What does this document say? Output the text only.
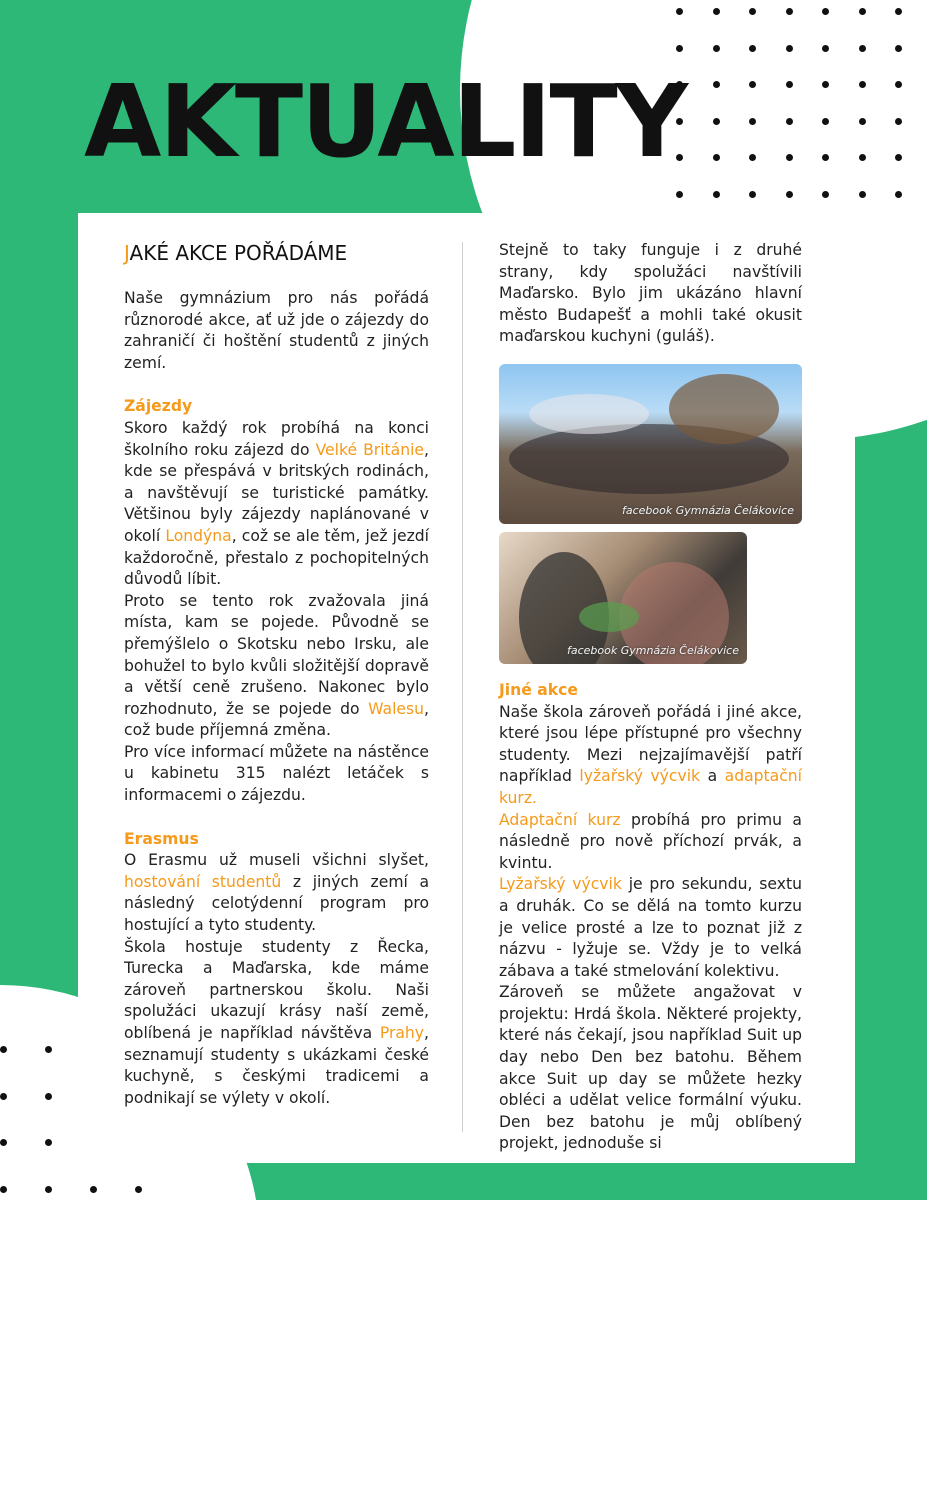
AKTUALITY
JAKÉ AKCE POŘÁDÁME

Naše gymnázium pro nás pořádá různorodé akce, ať už jde o zájezdy do zahraničí či hoštění studentů z jiných zemí.

Zájezdy

Skoro každý rok probíhá na konci školního roku zájezd do Velké Británie, kde se přespává v britských rodinách, a navštěvují se turistické památky. Většinou byly zájezdy naplánované v okolí Londýna, což se ale těm, jež jezdí každoročně, přestalo z pochopitelných důvodů líbit.

Proto se tento rok zvažovala jiná místa, kam se pojede. Původně se přemýšlelo o Skotsku nebo Irsku, ale bohužel to bylo kvůli složitější dopravě a větší ceně zrušeno. Nakonec bylo rozhodnuto, že se pojede do Walesu, což bude příjemná změna.

Pro více informací můžete na nástěnce u kabinetu 315 nalézt letáček s informacemi o zájezdu.

Erasmus

O Erasmu už museli všichni slyšet, hostování studentů z jiných zemí a následný celotýdenní program pro hostující a tyto studenty.

Škola hostuje studenty z Řecka, Turecka a Maďarska, kde máme zároveň partnerskou školu. Naši spolužáci ukazují krásy naší země, oblíbená je například návštěva Prahy, seznamují studenty s ukázkami české kuchyně, s českými tradicemi a podnikají se výlety v okolí.

Stejně to taky funguje i z druhé strany, kdy spolužáci navštívili Maďarsko. Bylo jim ukázáno hlavní město Budapešť a mohli také okusit maďarskou kuchyni (guláš).

facebook Gymnázia Čelákovice
facebook Gymnázia Čelákovice

Jiné akce

Naše škola zároveň pořádá i jiné akce, které jsou lépe přístupné pro všechny studenty. Mezi nejzajímavější patří například lyžařský výcvik a adaptační kurz.

Adaptační kurz probíhá pro primu a následně pro nově příchozí prvák, a kvintu.

Lyžařský výcvik je pro sekundu, sextu a druhák. Co se dělá na tomto kurzu je velice prosté a lze to poznat již z názvu - lyžuje se. Vždy je to velká zábava a také stmelování kolektivu.

Zároveň se můžete angažovat v projektu: Hrdá škola. Některé projekty, které nás čekají, jsou například Suit up day nebo Den bez batohu. Během akce Suit up day se můžete hezky obléci a udělat velice formální výuku. Den bez batohu je můj oblíbený projekt, jednoduše si
